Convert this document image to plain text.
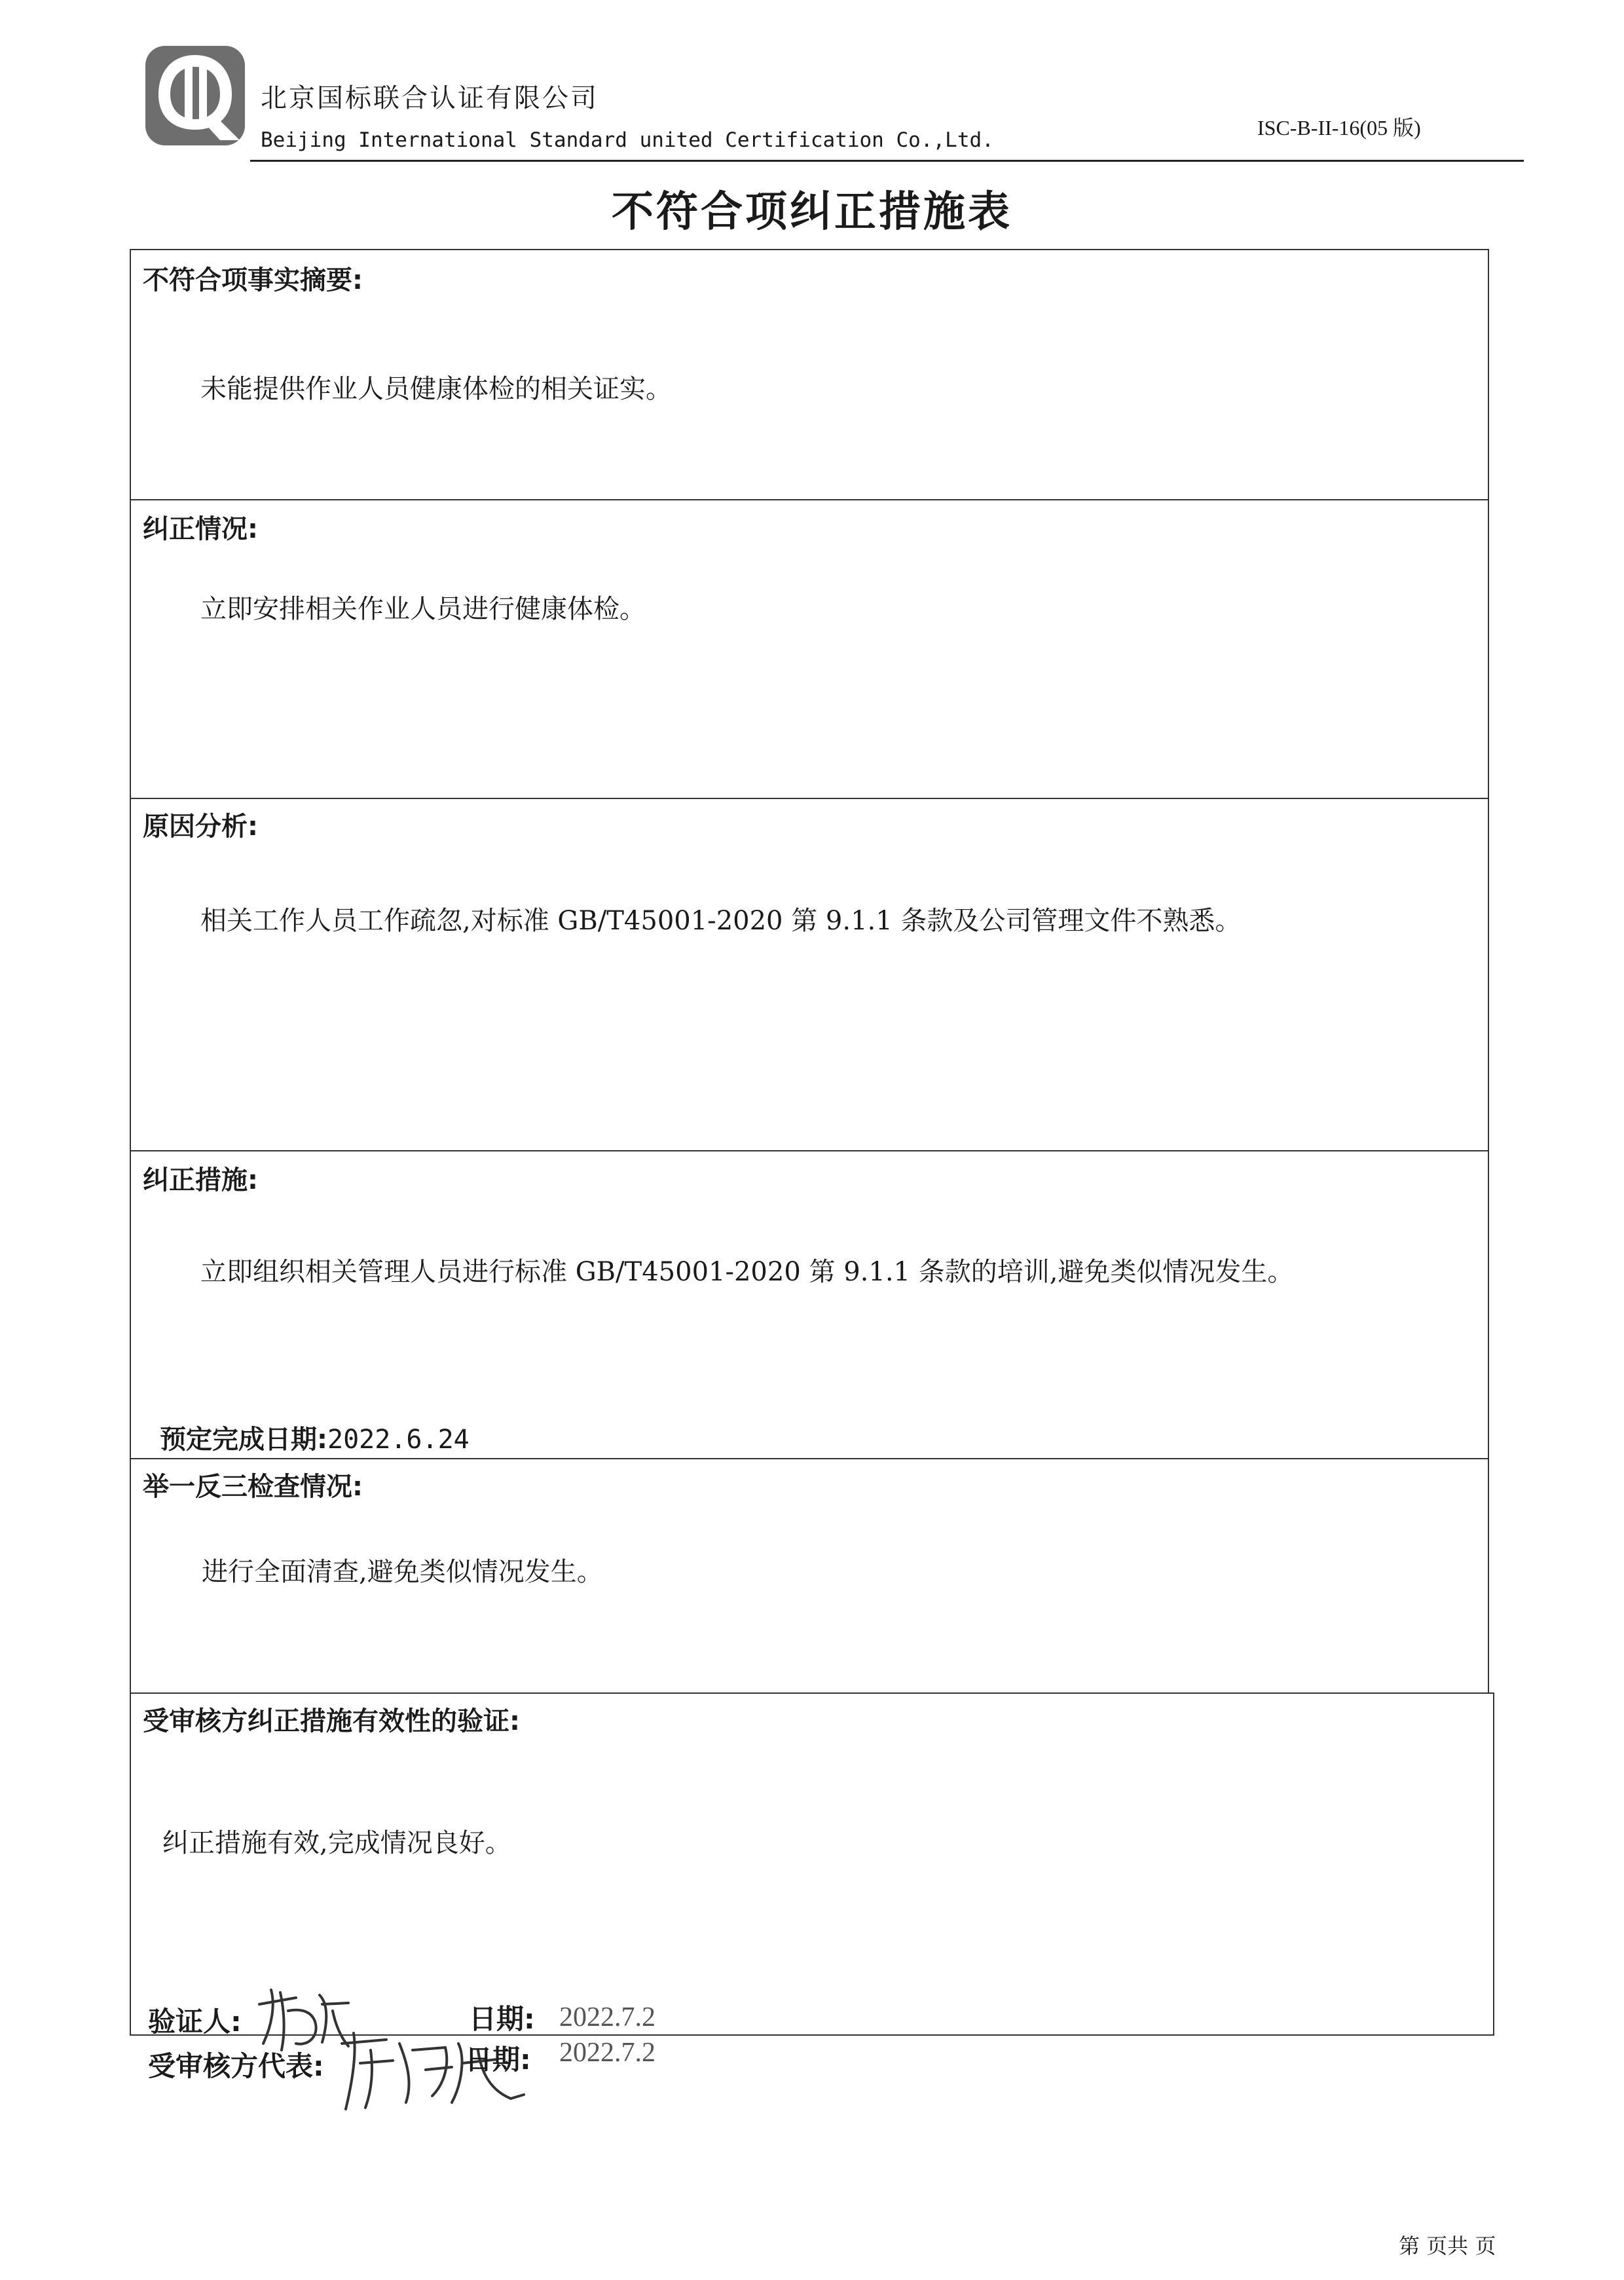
北京国标联合认证有限公司
Beijing International Standard united Certification Co.,Ltd.
ISC-B-II-16(05 版)
不符合项纠正措施表
不符合项事实摘要:
未能提供作业人员健康体检的相关证实。
纠正情况:
立即安排相关作业人员进行健康体检。
原因分析:
相关工作人员工作疏忽,对标准 GB/T45001-2020 第 9.1.1 条款及公司管理文件不熟悉。
纠正措施:
立即组织相关管理人员进行标准 GB/T45001-2020 第 9.1.1 条款的培训,避免类似情况发生。
预定完成日期:2022.6.24
举一反三检查情况:
进行全面清查,避免类似情况发生。
受审核方纠正措施有效性的验证:
纠正措施有效,完成情况良好。
验证人:	日期: 2022.7.2
受审核方代表:	日期: 2022.7.2
第 页共 页
